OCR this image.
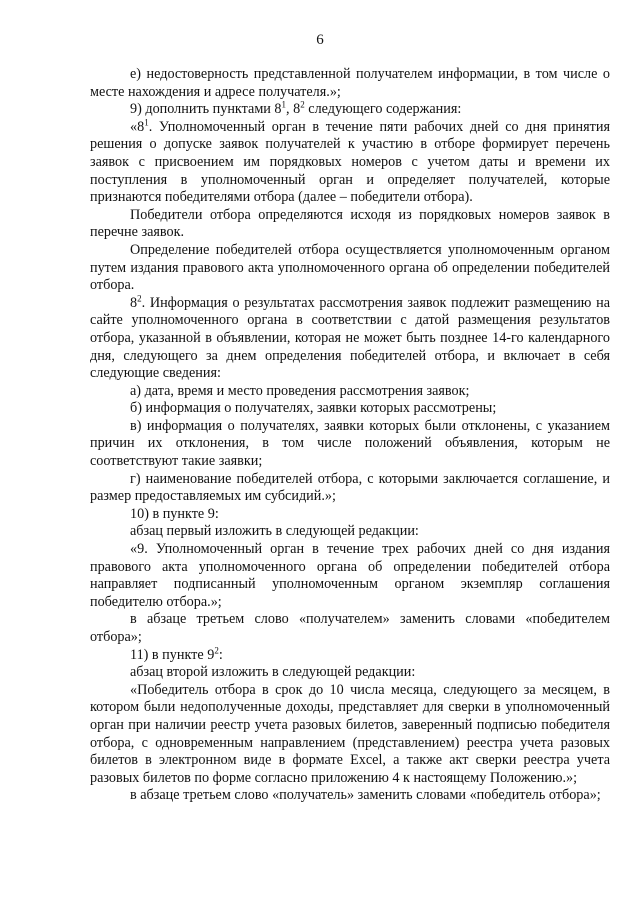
6

е) недостоверность представленной получателем информации, в том числе о месте нахождения и адресе получателя.»;

9) дополнить пунктами $8^1$, $8^2$ следующего содержания:

«$8^1$. Уполномоченный орган в течение пяти рабочих дней со дня принятия решения о допуске заявок получателей к участию в отборе формирует перечень заявок с присвоением им порядковых номеров с учетом даты и времени их поступления в уполномоченный орган и определяет получателей, которые признаются победителями отбора (далее – победители отбора).

Победители отбора определяются исходя из порядковых номеров заявок в перечне заявок.

Определение победителей отбора осуществляется уполномоченным органом путем издания правового акта уполномоченного органа об определении победителей отбора.

$8^2$. Информация о результатах рассмотрения заявок подлежит размещению на сайте уполномоченного органа в соответствии с датой размещения результатов отбора, указанной в объявлении, которая не может быть позднее 14-го календарного дня, следующего за днем определения победителей отбора, и включает в себя следующие сведения:

а) дата, время и место проведения рассмотрения заявок;

б) информация о получателях, заявки которых рассмотрены;

в) информация о получателях, заявки которых были отклонены, с указанием причин их отклонения, в том числе положений объявления, которым не соответствуют такие заявки;

г) наименование победителей отбора, с которыми заключается соглашение, и размер предоставляемых им субсидий.»;

10) в пункте 9:

абзац первый изложить в следующей редакции:

«9. Уполномоченный орган в течение трех рабочих дней со дня издания правового акта уполномоченного органа об определении победителей отбора направляет подписанный уполномоченным органом экземпляр соглашения победителю отбора.»;

в абзаце третьем слово «получателем» заменить словами «победителем отбора»;

11) в пункте $9^2$:

абзац второй изложить в следующей редакции:

«Победитель отбора в срок до 10 числа месяца, следующего за месяцем, в котором были недополученные доходы, представляет для сверки в уполномоченный орган при наличии реестр учета разовых билетов, заверенный подписью победителя отбора, с одновременным направлением (представлением) реестра учета разовых билетов в электронном виде в формате Excel, а также акт сверки реестра учета разовых билетов по форме согласно приложению 4 к настоящему Положению.»;

в абзаце третьем слово «получатель» заменить словами «победитель отбора»;
